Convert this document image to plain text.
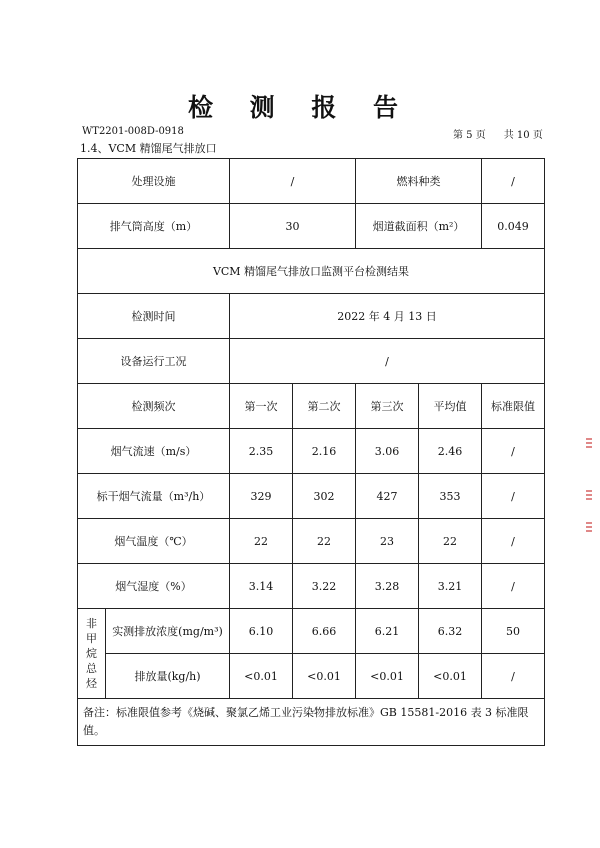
检 测 报 告
WT2201-008D-0918	第 5 页 共 10 页
1.4、VCM 精馏尾气排放口
处理设施		/		燃料种类		/
排气筒高度（m）		30		烟道截面积（m²）		0.049
VCM 精馏尾气排放口监测平台检测结果						
检测时间		2022 年 4 月 13 日				
设备运行工况		/				
检测频次		第一次	第二次	第三次	平均值	标准限值
烟气流速（m/s）		2.35	2.16	3.06	2.46	/
标干烟气流量（m³/h）		329	302	427	353	/
烟气温度（℃）		22	22	23	22	/
烟气湿度（%）		3.14	3.22	3.28	3.21	/

非
甲
烷
总
烃	实测排放浓度(mg/m³)	6.10	6.66	6.21	6.32	50
	排放量(kg/h)	<0.01	<0.01	<0.01	<0.01	/
备注：标准限值参考《烧碱、聚氯乙烯工业污染物排放标准》GB 15581-2016 表 3 标准限值。						
